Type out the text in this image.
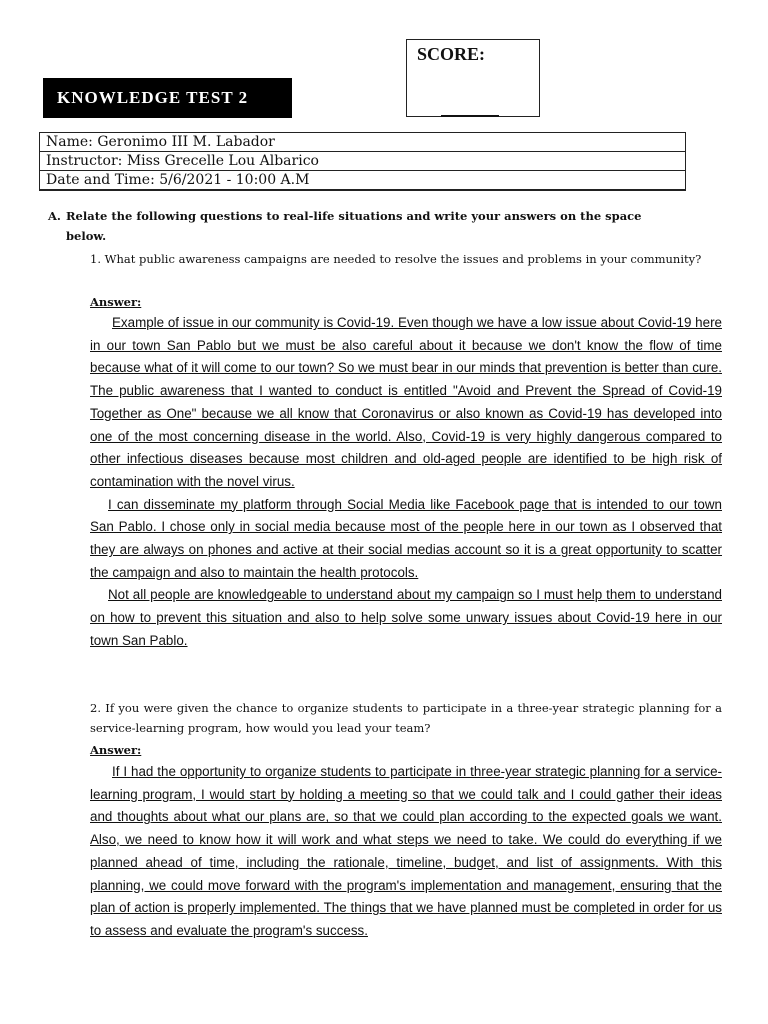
SCORE:
KNOWLEDGE TEST 2
Name: Geronimo III M. Labador
Instructor: Miss Grecelle Lou Albarico
Date and Time: 5/6/2021 - 10:00 A.M
A. Relate the following questions to real-life situations and write your answers on the space
below.
1. What public awareness campaigns are needed to resolve the issues and problems in your community?
Answer:

Example of issue in our community is Covid-19. Even though we have a low issue about Covid-19 here in our town San Pablo but we must be also careful about it because we don't know the flow of time because what of it will come to our town? So we must bear in our minds that prevention is better than cure. The public awareness that I wanted to conduct is entitled "Avoid and Prevent the Spread of Covid-19 Together as One" because we all know that Coronavirus or also known as Covid-19 has developed into one of the most concerning disease in the world. Also, Covid-19 is very highly dangerous compared to other infectious diseases because most children and old-aged people are identified to be high risk of contamination with the novel virus.

I can disseminate my platform through Social Media like Facebook page that is intended to our town San Pablo. I chose only in social media because most of the people here in our town as I observed that they are always on phones and active at their social medias account so it is a great opportunity to scatter the campaign and also to maintain the health protocols.

Not all people are knowledgeable to understand about my campaign so I must help them to understand on how to prevent this situation and also to help solve some unwary issues about Covid-19 here in our town San Pablo.

2. If you were given the chance to organize students to participate in a three-year strategic planning for a service-learning program, how would you lead your team?
Answer:

If I had the opportunity to organize students to participate in three-year strategic planning for a service-learning program, I would start by holding a meeting so that we could talk and I could gather their ideas and thoughts about what our plans are, so that we could plan according to the expected goals we want. Also, we need to know how it will work and what steps we need to take. We could do everything if we planned ahead of time, including the rationale, timeline, budget, and list of assignments. With this planning, we could move forward with the program's implementation and management, ensuring that the plan of action is properly implemented. The things that we have planned must be completed in order for us to assess and evaluate the program's success.
